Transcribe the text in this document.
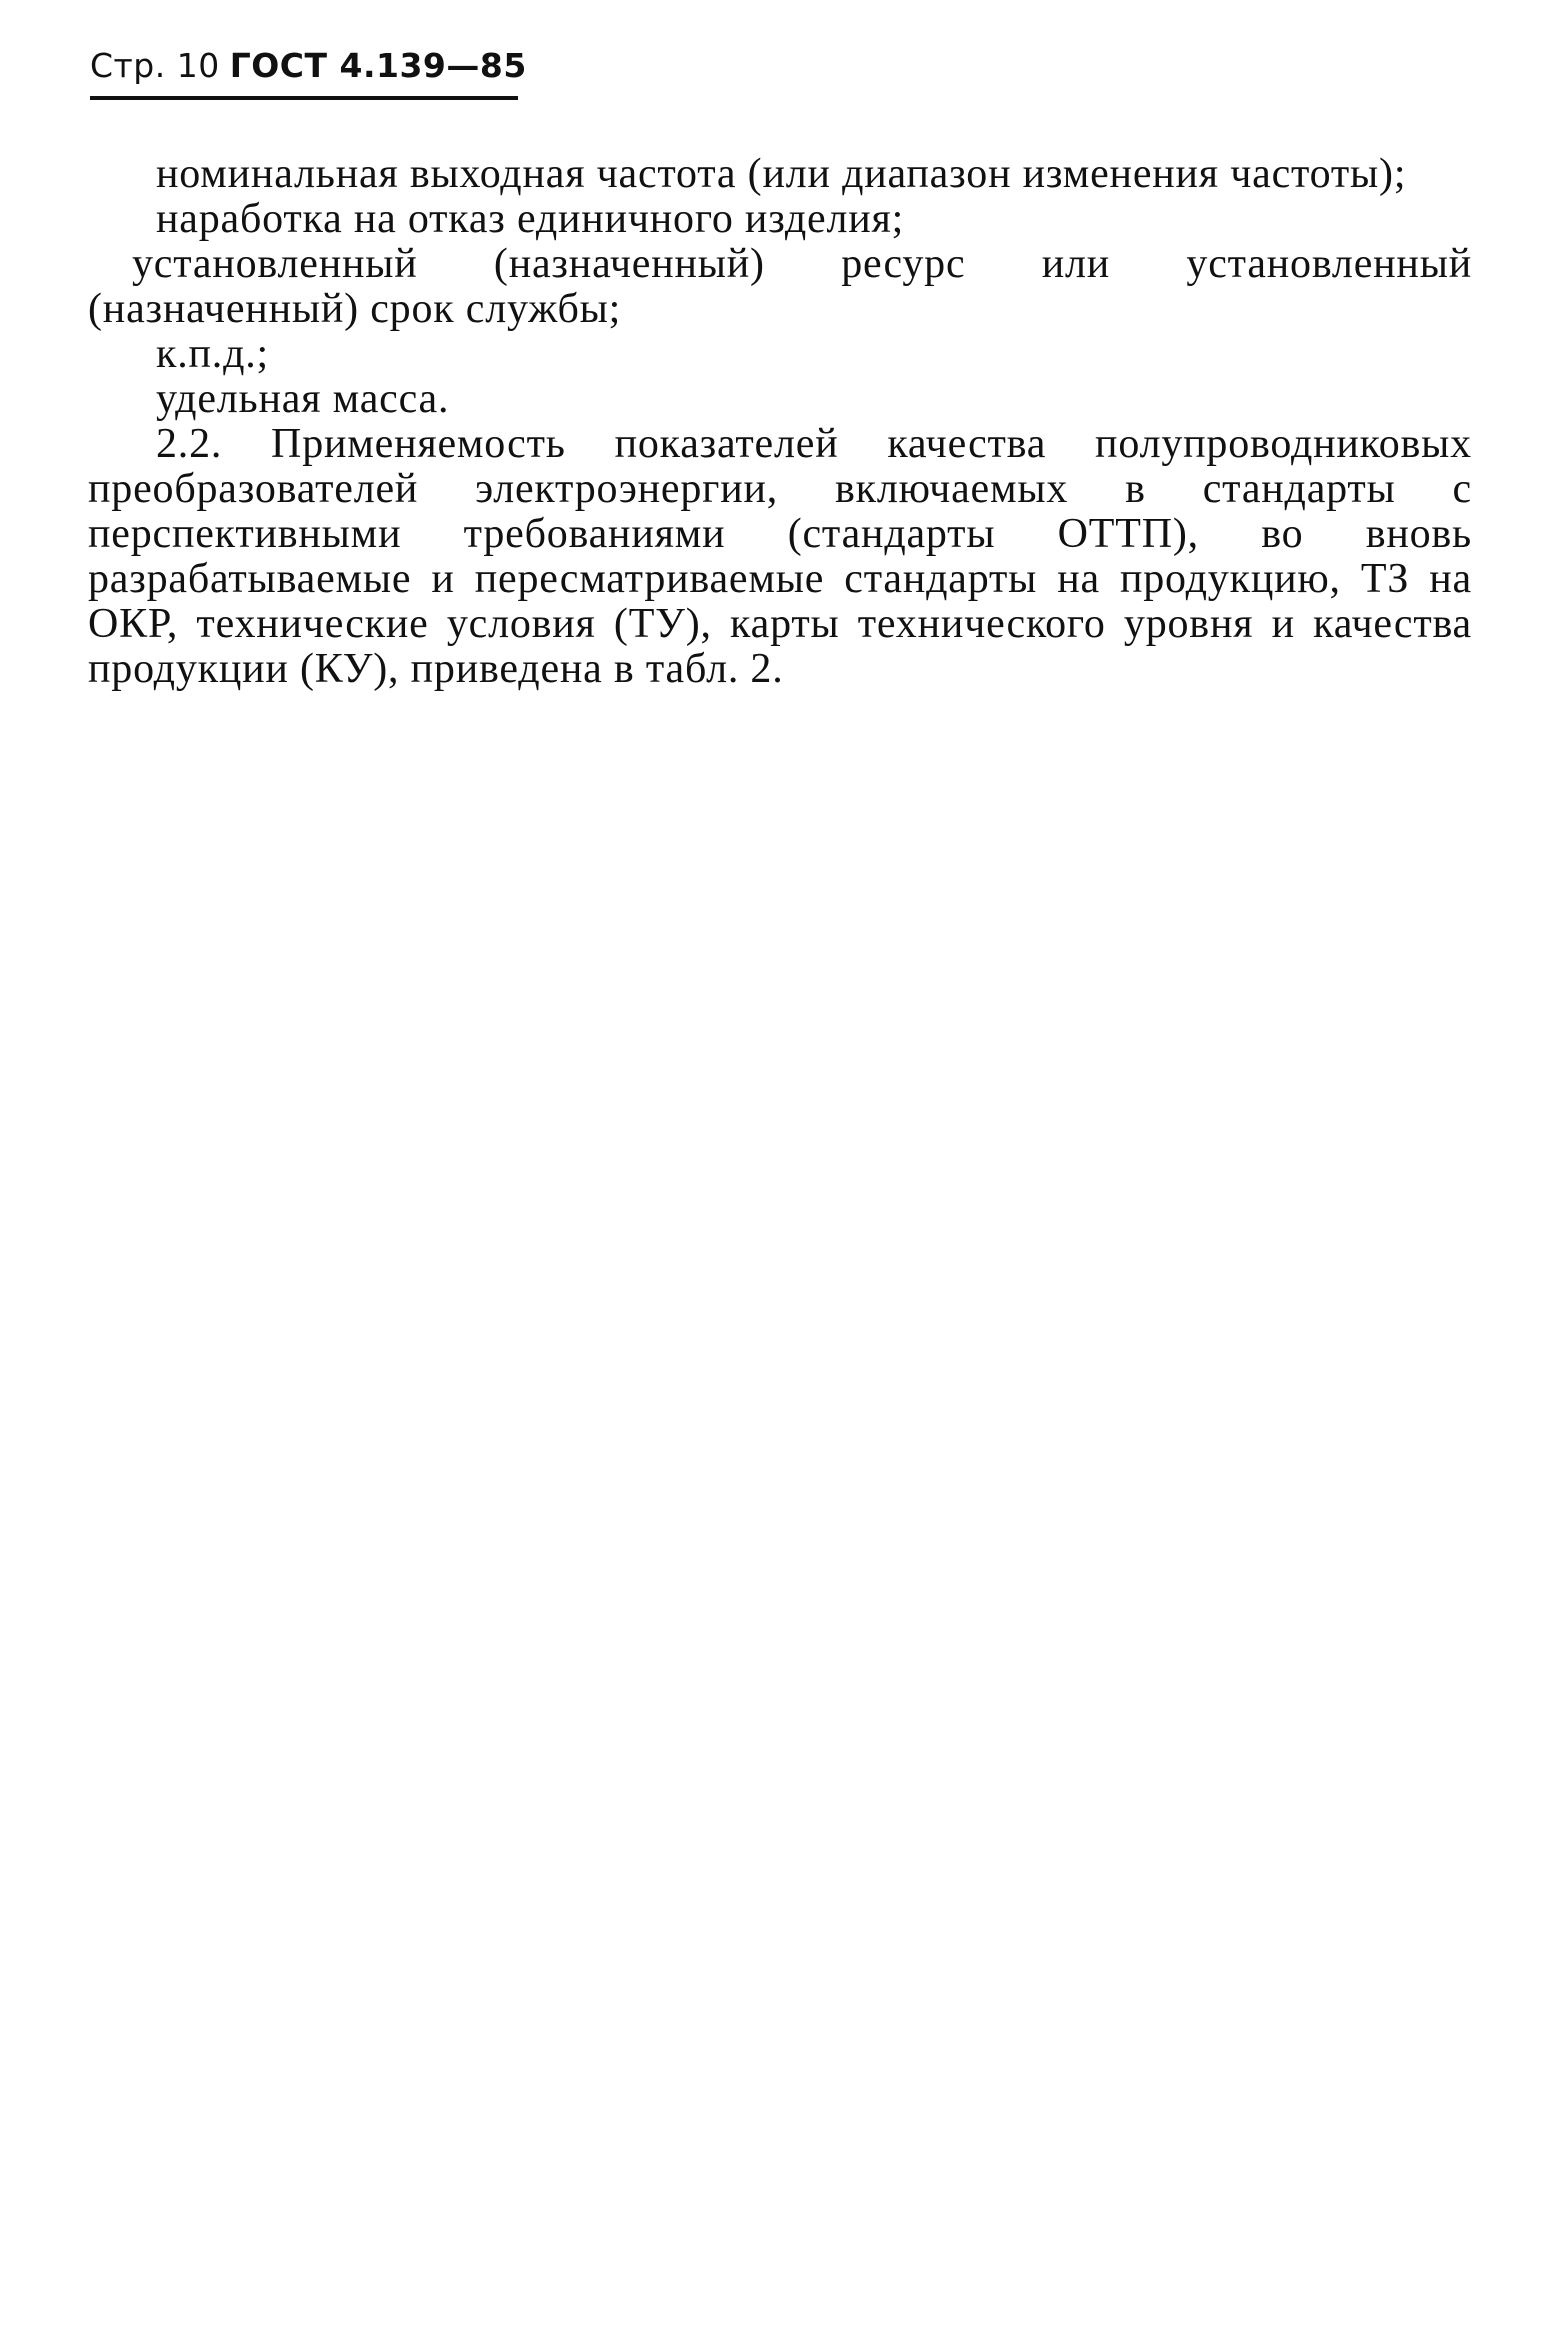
Стр. 10 ГОСТ 4.139—85

номинальная выходная частота (или диапазон изменения частоты);

наработка на отказ единичного изделия;

установленный (назначенный) ресурс или установленный (назначенный) срок службы;

к.п.д.;

удельная масса.

2.2. Применяемость показателей качества полупроводниковых преобразователей электроэнергии, включаемых в стандарты с перспективными требованиями (стандарты ОТТП), во вновь разрабатываемые и пересматриваемые стандарты на продукцию, ТЗ на ОКР, технические условия (ТУ), карты технического уровня и качества продукции (КУ), приведена в табл. 2.
